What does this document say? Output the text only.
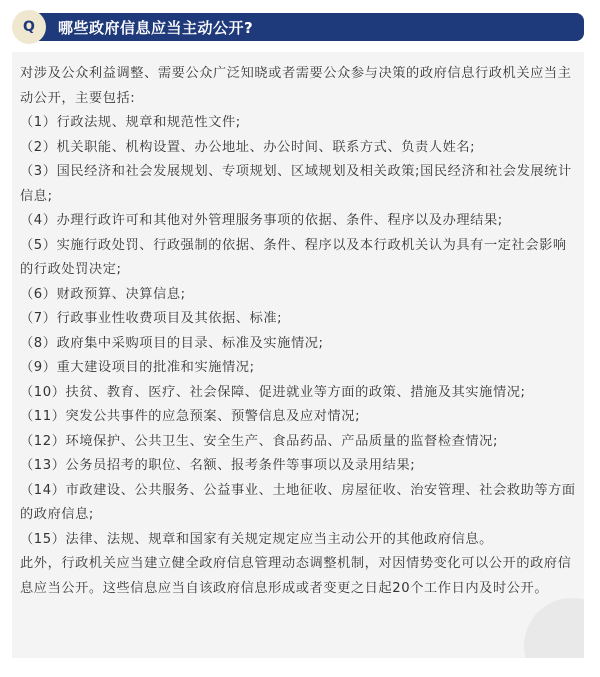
Q 哪些政府信息应当主动公开?

对涉及公众利益调整、需要公众广泛知晓或者需要公众参与决策的政府信息行政机关应当主动公开，主要包括:

（1）行政法规、规章和规范性文件;

（2）机关职能、机构设置、办公地址、办公时间、联系方式、负责人姓名;

（3）国民经济和社会发展规划、专项规划、区域规划及相关政策;国民经济和社会发展统计信息;

（4）办理行政许可和其他对外管理服务事项的依据、条件、程序以及办理结果;

（5）实施行政处罚、行政强制的依据、条件、程序以及本行政机关认为具有一定社会影响的行政处罚决定;

（6）财政预算、决算信息;

（7）行政事业性收费项目及其依据、标准;

（8）政府集中采购项目的目录、标准及实施情况;

（9）重大建设项目的批准和实施情况;

（10）扶贫、教育、医疗、社会保障、促进就业等方面的政策、措施及其实施情况;

（11）突发公共事件的应急预案、预警信息及应对情况;

（12）环境保护、公共卫生、安全生产、食品药品、产品质量的监督检查情况;

（13）公务员招考的职位、名额、报考条件等事项以及录用结果;

（14）市政建设、公共服务、公益事业、土地征收、房屋征收、治安管理、社会救助等方面的政府信息;

（15）法律、法规、规章和国家有关规定规定应当主动公开的其他政府信息。

此外，行政机关应当建立健全政府信息管理动态调整机制，对因情势变化可以公开的政府信息应当公开。这些信息应当自该政府信息形成或者变更之日起20个工作日内及时公开。
